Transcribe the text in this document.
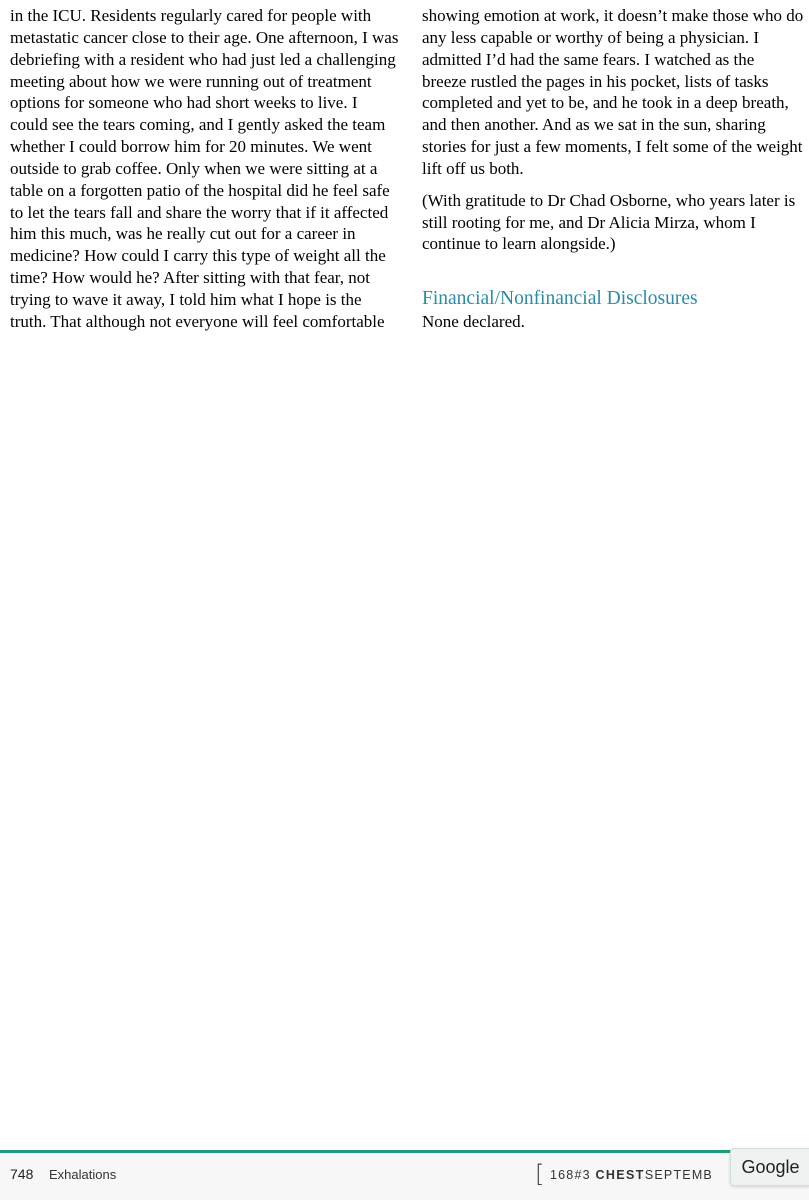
in the ICU. Residents regularly cared for people with
metastatic cancer close to their age. One afternoon, I was
debriefing with a resident who had just led a challenging
meeting about how we were running out of treatment
options for someone who had short weeks to live. I
could see the tears coming, and I gently asked the team
whether I could borrow him for 20 minutes. We went
outside to grab coffee. Only when we were sitting at a
table on a forgotten patio of the hospital did he feel safe
to let the tears fall and share the worry that if it affected
him this much, was he really cut out for a career in
medicine? How could I carry this type of weight all the
time? How would he? After sitting with that fear, not
trying to wave it away, I told him what I hope is the
truth. That although not everyone will feel comfortable

showing emotion at work, it doesn’t make those who do
any less capable or worthy of being a physician. I
admitted I’d had the same fears. I watched as the
breeze rustled the pages in his pocket, lists of tasks
completed and yet to be, and he took in a deep breath,
and then another. And as we sat in the sun, sharing
stories for just a few moments, I felt some of the weight
lift off us both.

(With gratitude to Dr Chad Osborne, who years later is
still rooting for me, and Dr Alicia Mirza, whom I
continue to learn alongside.)

Financial/Nonfinancial Disclosures

None declared.

748 Exhalations	[ 168#3 CHESTSEPTEMB	Google
